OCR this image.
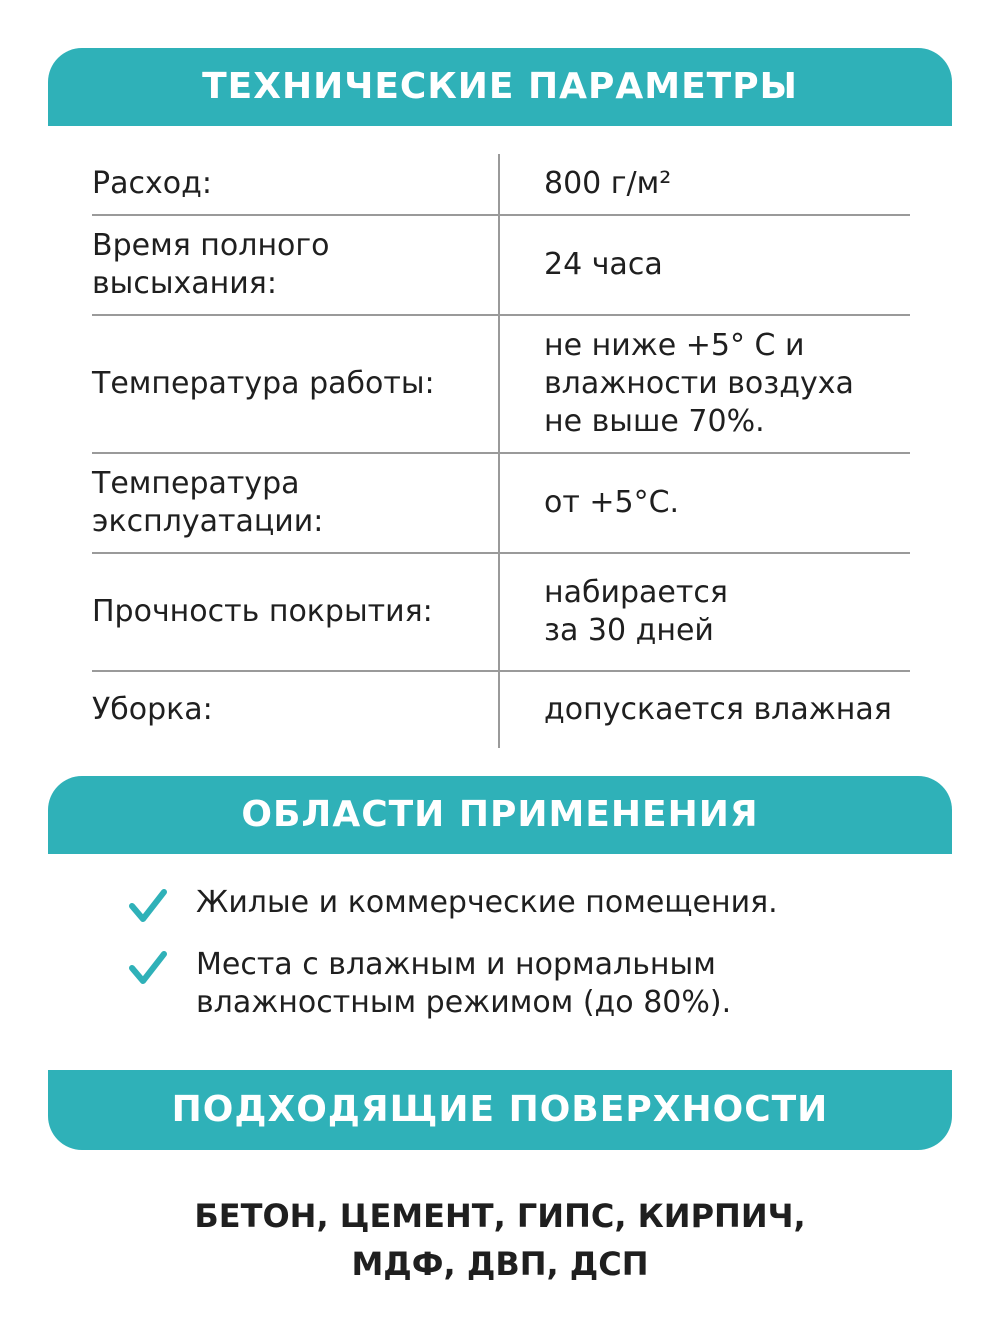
ТЕХНИЧЕСКИЕ ПАРАМЕТРЫ
Расход:	800 г/м²
Время полного
высыхания:
24 часа
Температура работы:
не ниже +5° С и
влажности воздуха
не выше 70%.
Температура
эксплуатации:
от +5°С.
Прочность покрытия:
набирается
за 30 дней
Уборка:	допускается влажная
ОБЛАСТИ ПРИМЕНЕНИЯ
Жилые и коммерческие помещения.
Места с влажным и нормальным
влажностным режимом (до 80%).
ПОДХОДЯЩИЕ ПОВЕРХНОСТИ
БЕТОН, ЦЕМЕНТ, ГИПС, КИРПИЧ,
МДФ, ДВП, ДСП
